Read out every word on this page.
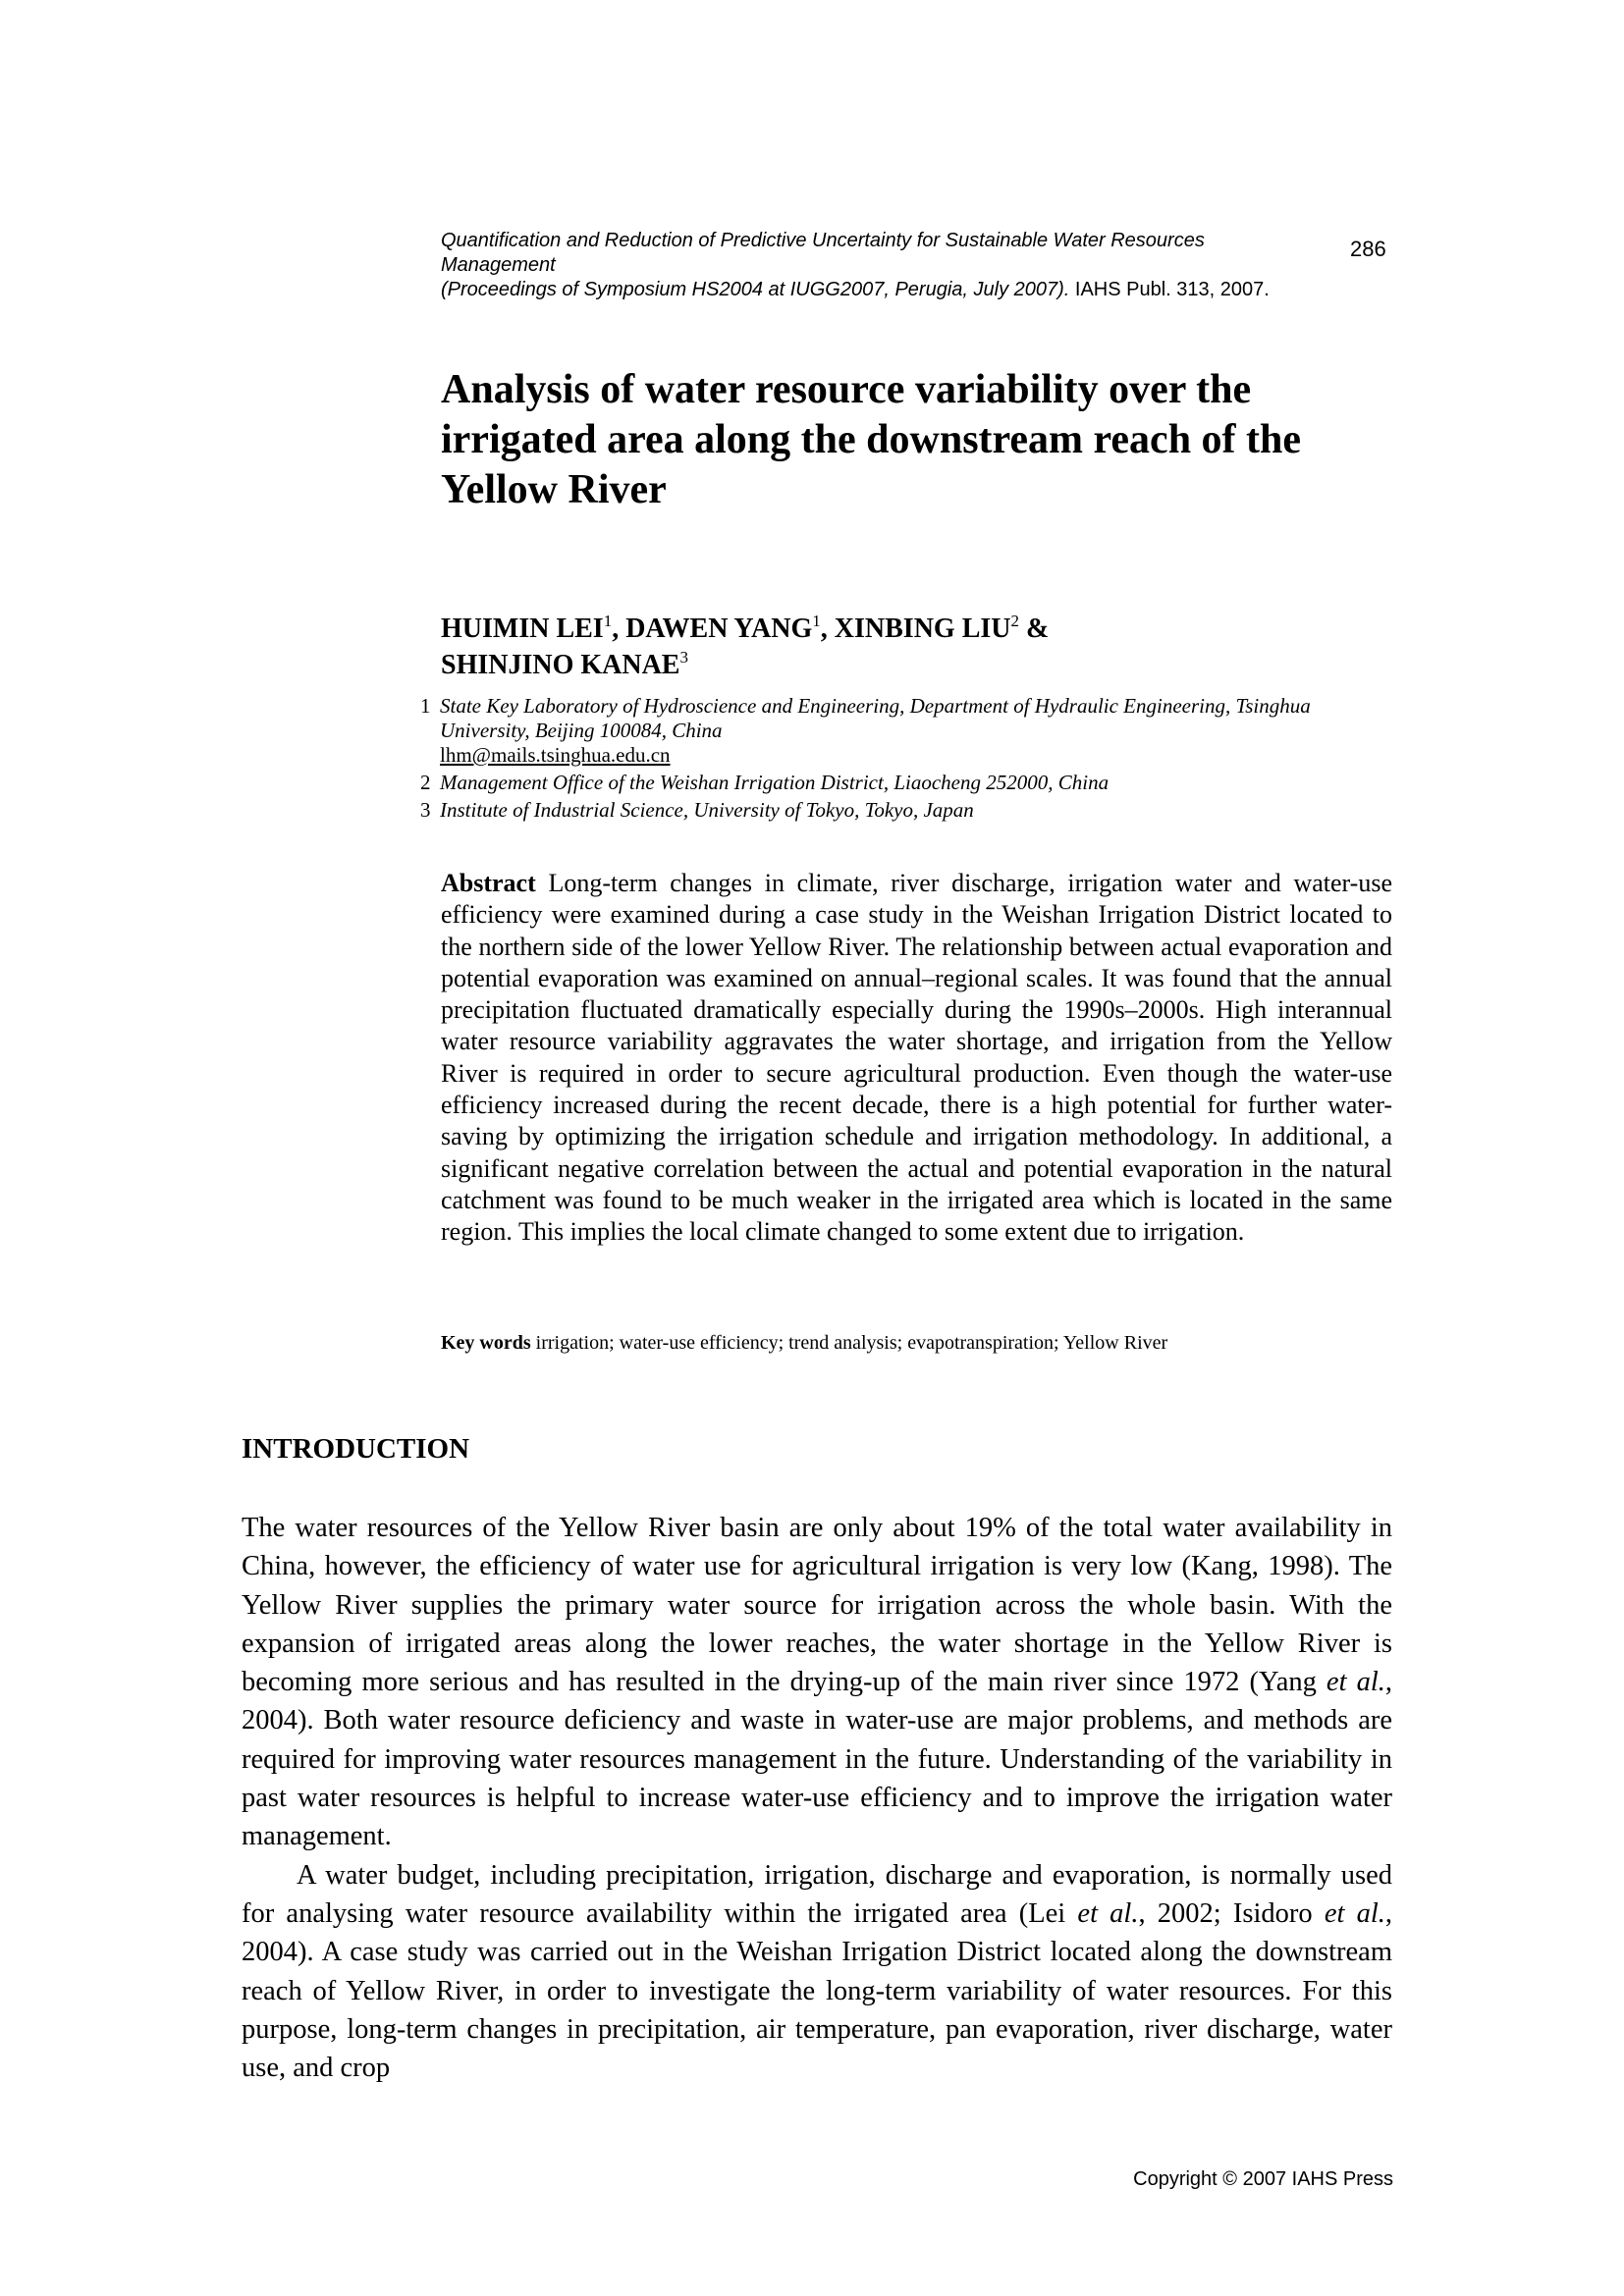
Quantification and Reduction of Predictive Uncertainty for Sustainable Water Resources Management
(Proceedings of Symposium HS2004 at IUGG2007, Perugia, July 2007). IAHS Publ. 313, 2007.
286
Analysis of water resource variability over the irrigated area along the downstream reach of the Yellow River
HUIMIN LEI$^1$, DAWEN YANG$^1$, XINBING LIU$^2$ &
SHINJINO KANAE$^3$
1 State Key Laboratory of Hydroscience and Engineering, Department of Hydraulic Engineering, Tsinghua University, Beijing 100084, China
lhm@mails.tsinghua.edu.cn
2 Management Office of the Weishan Irrigation District, Liaocheng 252000, China
3 Institute of Industrial Science, University of Tokyo, Tokyo, Japan

Abstract Long-term changes in climate, river discharge, irrigation water and water-use efficiency were examined during a case study in the Weishan Irrigation District located to the northern side of the lower Yellow River. The relationship between actual evaporation and potential evaporation was examined on annual–regional scales. It was found that the annual precipitation fluctuated dramatically especially during the 1990s–2000s. High interannual water resource variability aggravates the water shortage, and irrigation from the Yellow River is required in order to secure agricultural production. Even though the water-use efficiency increased during the recent decade, there is a high potential for further water-saving by optimizing the irrigation schedule and irrigation methodology. In additional, a significant negative correlation between the actual and potential evaporation in the natural catchment was found to be much weaker in the irrigated area which is located in the same region. This implies the local climate changed to some extent due to irrigation.

Key words irrigation; water-use efficiency; trend analysis; evapotranspiration; Yellow River
INTRODUCTION

The water resources of the Yellow River basin are only about 19% of the total water availability in China, however, the efficiency of water use for agricultural irrigation is very low (Kang, 1998). The Yellow River supplies the primary water source for irrigation across the whole basin. With the expansion of irrigated areas along the lower reaches, the water shortage in the Yellow River is becoming more serious and has resulted in the drying-up of the main river since 1972 (Yang et al., 2004). Both water resource deficiency and waste in water-use are major problems, and methods are required for improving water resources management in the future. Understanding of the variability in past water resources is helpful to increase water-use efficiency and to improve the irrigation water management.

A water budget, including precipitation, irrigation, discharge and evaporation, is normally used for analysing water resource availability within the irrigated area (Lei et al., 2002; Isidoro et al., 2004). A case study was carried out in the Weishan Irrigation District located along the downstream reach of Yellow River, in order to investigate the long-term variability of water resources. For this purpose, long-term changes in precipitation, air temperature, pan evaporation, river discharge, water use, and crop

Copyright © 2007 IAHS Press
